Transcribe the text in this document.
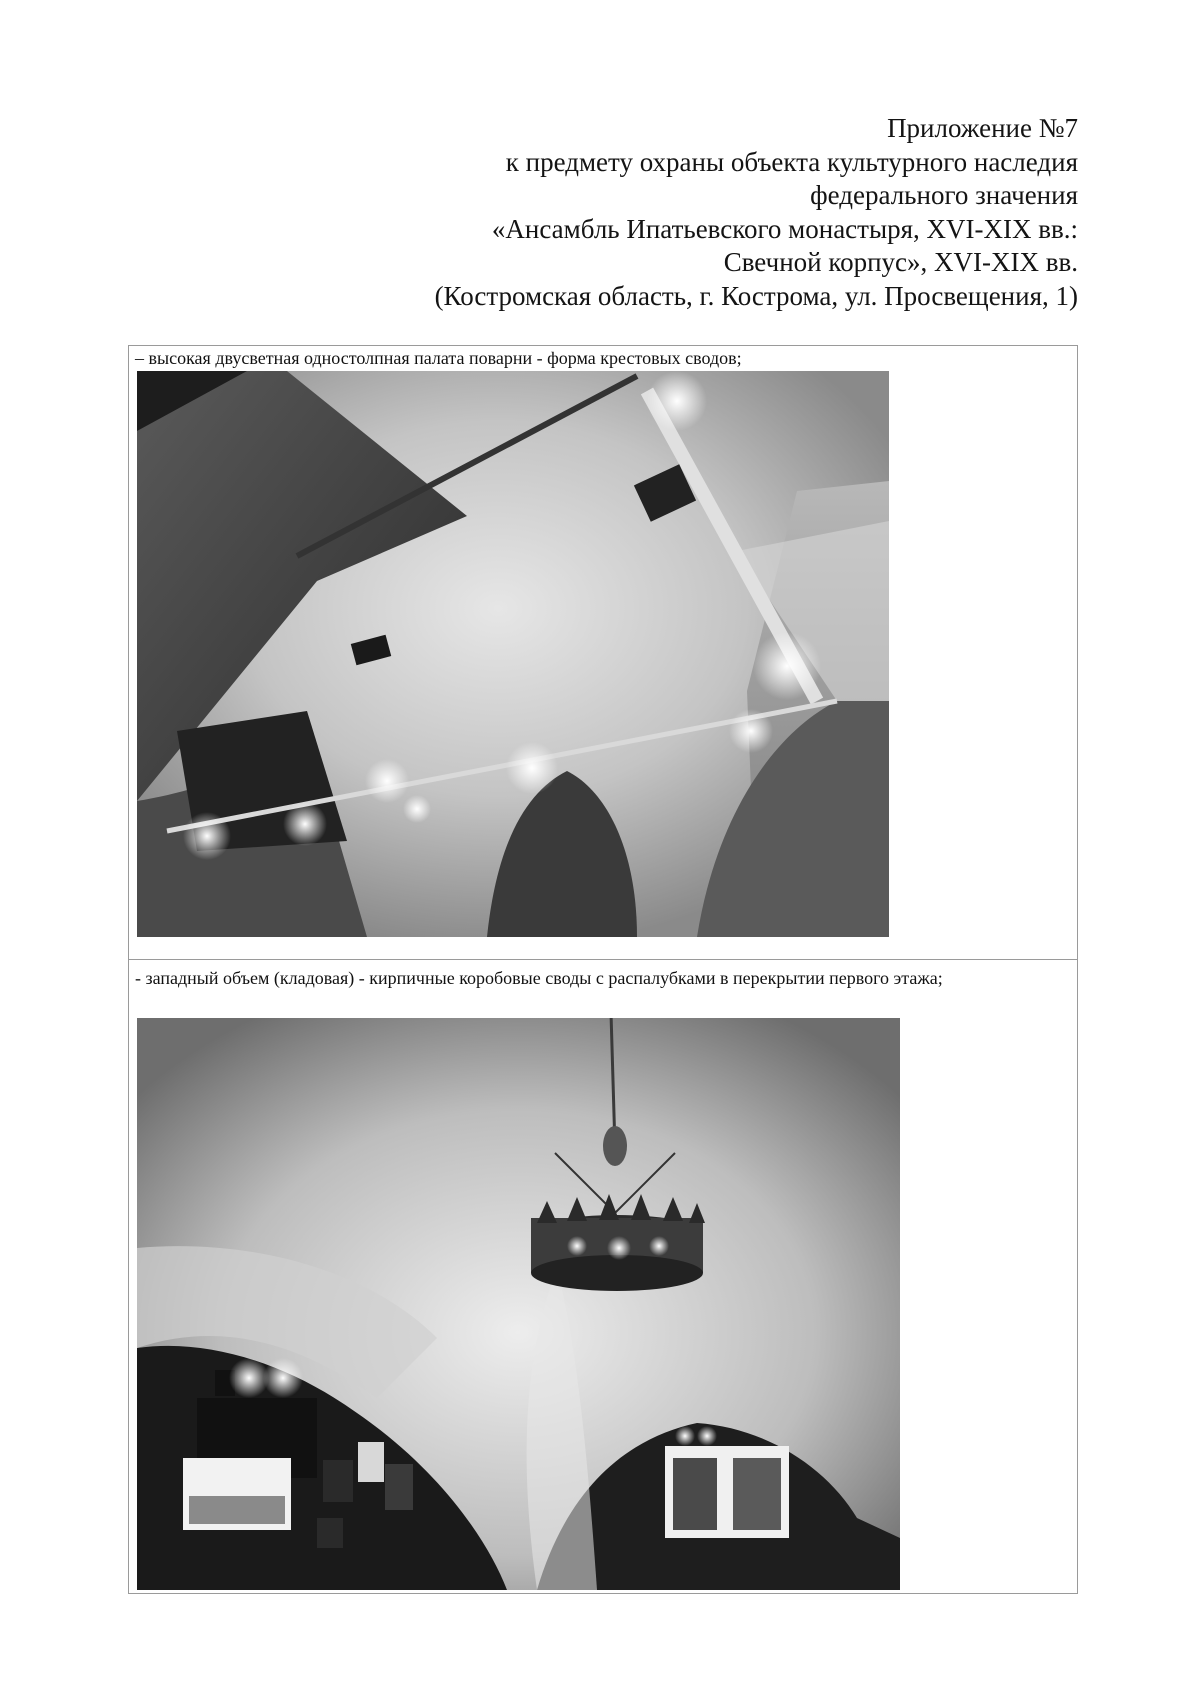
Приложение №7
к предмету охраны объекта культурного наследия
федерального значения
«Ансамбль Ипатьевского монастыря, XVI-XIX вв.:
Свечной корпус», XVI-XIX вв.
(Костромская область, г. Кострома, ул. Просвещения, 1)
– высокая двусветная одностолпная палата поварни - форма крестовых сводов;
- западный объем (кладовая) - кирпичные коробовые своды с распалубками в перекрытии первого этажа;
